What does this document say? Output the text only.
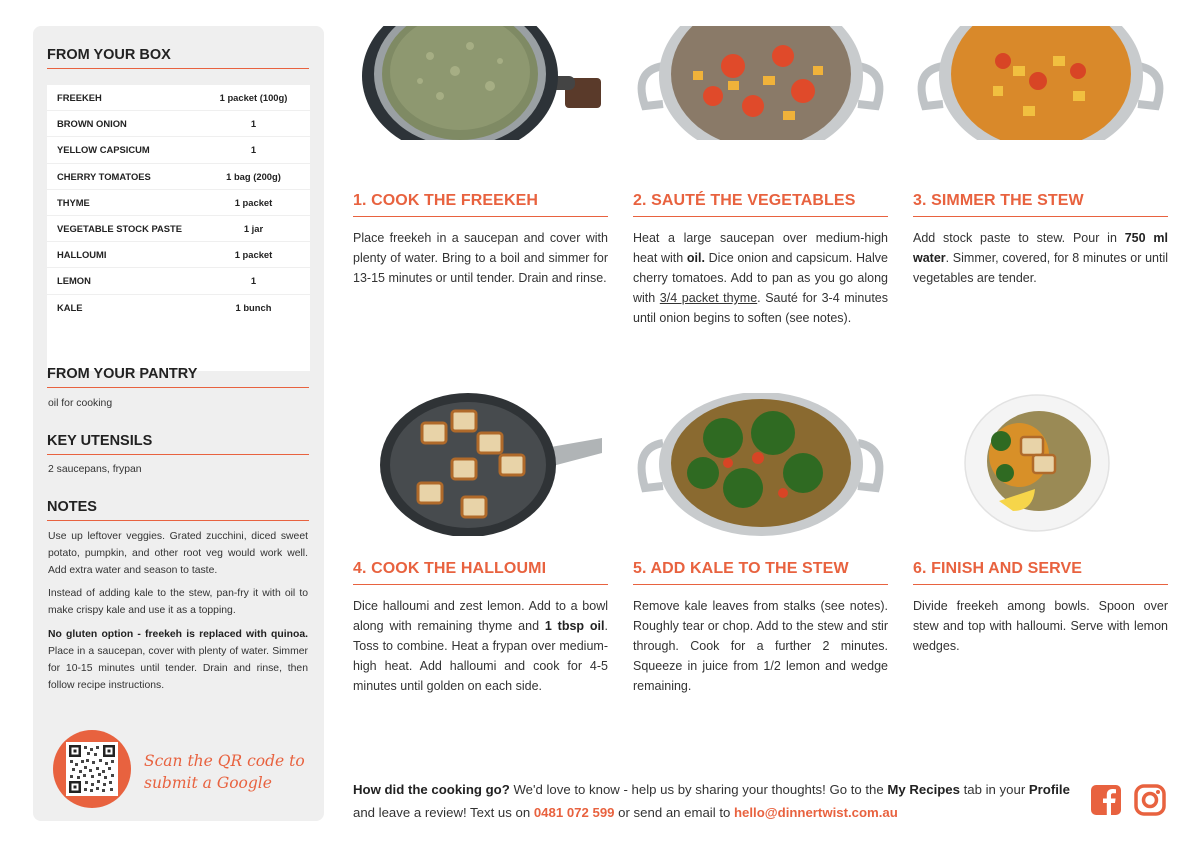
FROM YOUR BOX
FREEKEH	1 packet (100g)
BROWN ONION	1
YELLOW CAPSICUM	1
CHERRY TOMATOES	1 bag (200g)
THYME	1 packet
VEGETABLE STOCK PASTE	1 jar
HALLOUMI	1 packet
LEMON	1
KALE	1 bunch
FROM YOUR PANTRY
oil for cooking
KEY UTENSILS
2 saucepans, frypan
NOTES
Use up leftover veggies. Grated zucchini, diced sweet potato, pumpkin, and other root veg would work well. Add extra water and season to taste.
Instead of adding kale to the stew, pan-fry it with oil to make crispy kale and use it as a topping.
No gluten option - freekeh is replaced with quinoa. Place in a saucepan, cover with plenty of water. Simmer for 10-15 minutes until tender. Drain and rinse, then follow recipe instructions.
Scan the QR code to
submit a Google
1. COOK THE FREEKEH
Place freekeh in a saucepan and cover with plenty of water. Bring to a boil and simmer for 13-15 minutes or until tender. Drain and rinse.
2. SAUTÉ THE VEGETABLES
Heat a large saucepan over medium-high heat with oil. Dice onion and capsicum. Halve cherry tomatoes. Add to pan as you go along with 3/4 packet thyme. Sauté for 3-4 minutes until onion begins to soften (see notes).
3. SIMMER THE STEW
Add stock paste to stew. Pour in 750 ml water. Simmer, covered, for 8 minutes or until vegetables are tender.
4. COOK THE HALLOUMI
Dice halloumi and zest lemon. Add to a bowl along with remaining thyme and 1 tbsp oil. Toss to combine. Heat a frypan over medium-high heat. Add halloumi and cook for 4-5 minutes until golden on each side.
5. ADD KALE TO THE STEW
Remove kale leaves from stalks (see notes). Roughly tear or chop. Add to the stew and stir through. Cook for a further 2 minutes. Squeeze in juice from 1/2 lemon and wedge remaining.
6. FINISH AND SERVE
Divide freekeh among bowls. Spoon over stew and top with halloumi. Serve with lemon wedges.
How did the cooking go? We'd love to know - help us by sharing your thoughts! Go to the My Recipes tab in your Profile and leave a review! Text us on 0481 072 599 or send an email to hello@dinnertwist.com.au
